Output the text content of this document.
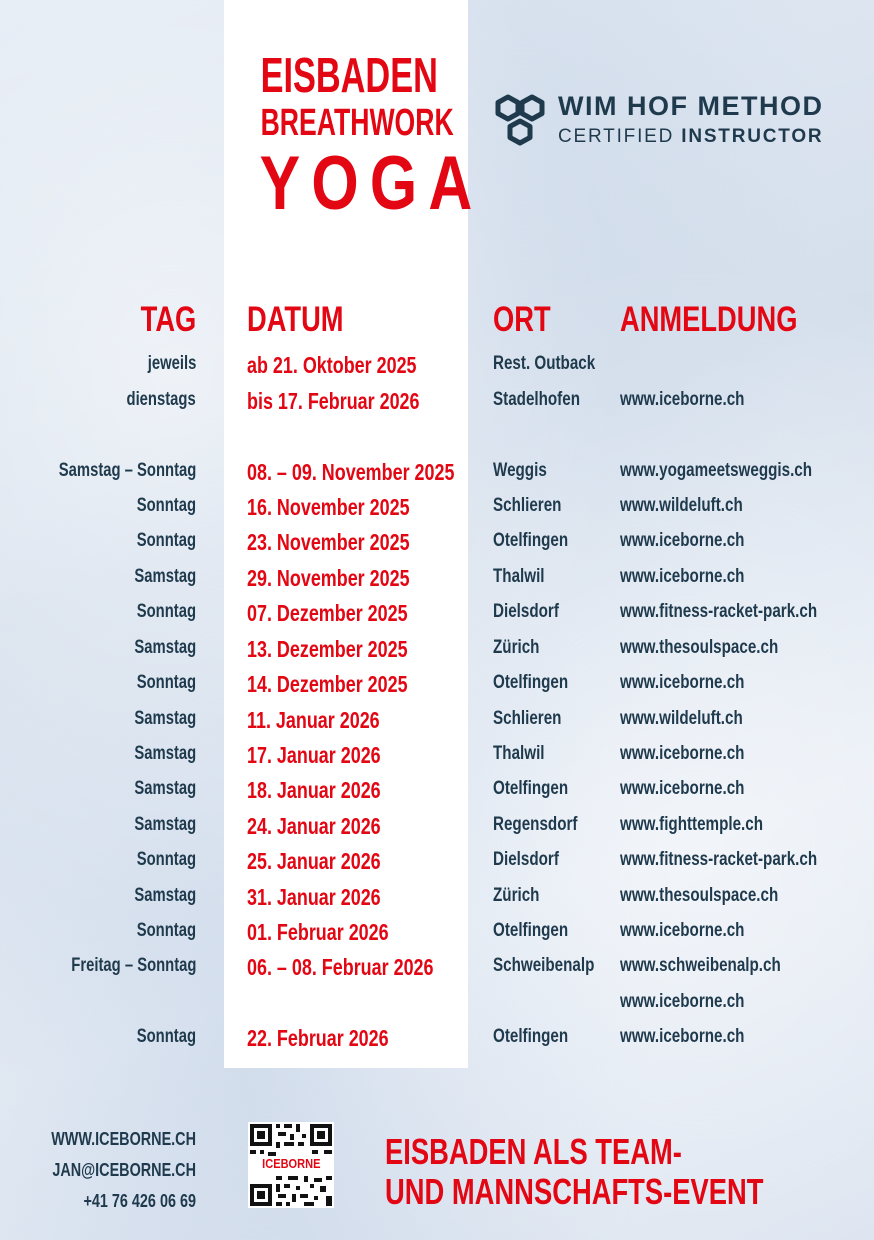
EISBADEN
BREATHWORK
YOGA
WIM HOF METHOD
CERTIFIED INSTRUCTOR
TAG DATUM	ORT ANMELDUNG
jeweils ab 21. Oktober 2025	Rest. Outback
dienstags bis 17. Februar 2026	Stadelhofen www.iceborne.ch
Samstag – Sonntag 08. – 09. November 2025 Weggis	www.yogameetsweggis.ch
Sonntag 16. November 2025	Schlieren	www.wildeluft.ch
Sonntag 23. November 2025	Otelfingen	www.iceborne.ch
Samstag 29. November 2025	Thalwil	www.iceborne.ch
Sonntag 07. Dezember 2025	Dielsdorf	www.fitness-racket-park.ch
Samstag 13. Dezember 2025	Zürich	www.thesoulspace.ch
Sonntag 14. Dezember 2025	Otelfingen	www.iceborne.ch
Samstag 11. Januar 2026	Schlieren	www.wildeluft.ch
Samstag 17. Januar 2026	Thalwil	www.iceborne.ch
Samstag 18. Januar 2026	Otelfingen	www.iceborne.ch
Samstag 24. Januar 2026	Regensdorf www.fighttemple.ch
Sonntag 25. Januar 2026	Dielsdorf	www.fitness-racket-park.ch
Samstag 31. Januar 2026	Zürich	www.thesoulspace.ch
Sonntag 01. Februar 2026	Otelfingen	www.iceborne.ch
Freitag – Sonntag 06. – 08. Februar 2026	Schweibenalp www.schweibenalp.ch
www.iceborne.ch
Sonntag 22. Februar 2026	Otelfingen	www.iceborne.ch
WWW.ICEBORNE.CH
JAN@ICEBORNE.CH
+41 76 426 06 69
ICEBORNE	EISBADEN ALS TEAM-
UND MANNSCHAFTS-EVENT
